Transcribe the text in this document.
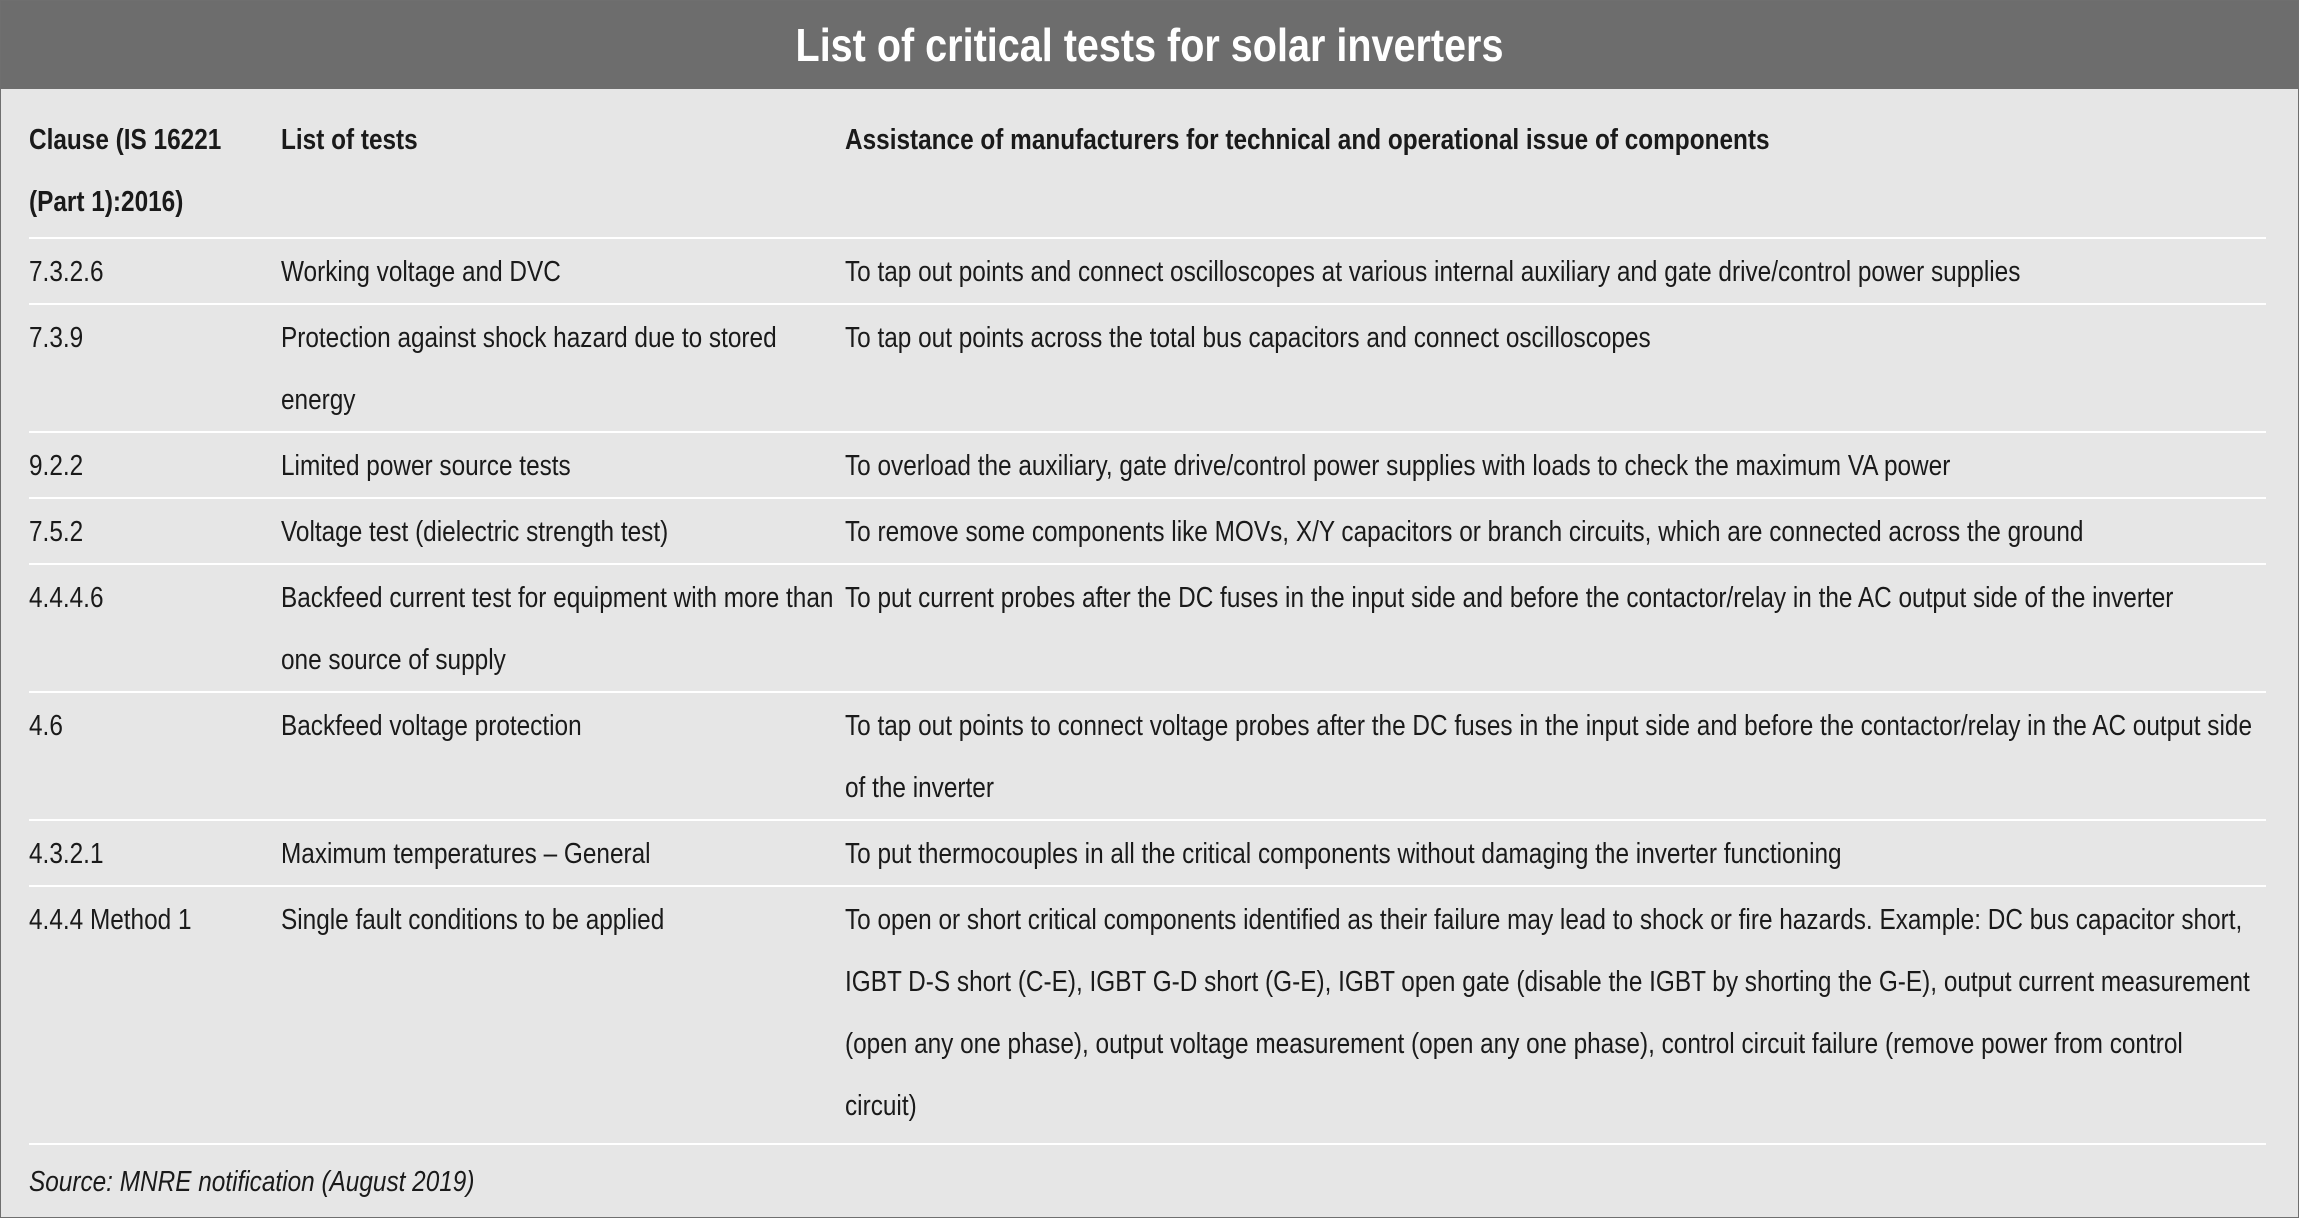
List of critical tests for solar inverters
Clause (IS 16221 (Part 1):2016)	List of tests	Assistance of manufacturers for technical and operational issue of components

7.3.2.6	Working voltage and DVC	To tap out points and connect oscilloscopes at various internal auxiliary and gate drive/control power supplies

7.3.9	Protection against shock hazard due to stored energy	To tap out points across the total bus capacitors and connect oscilloscopes

9.2.2	Limited power source tests	To overload the auxiliary, gate drive/control power supplies with loads to check the maximum VA power

7.5.2	Voltage test (dielectric strength test)	To remove some components like MOVs, X/Y capacitors or branch circuits, which are connected across the ground

4.4.4.6	Backfeed current test for equipment with more than one source of supply	To put current probes after the DC fuses in the input side and before the contactor/relay in the AC output side of the inverter

4.6	Backfeed voltage protection	To tap out points to connect voltage probes after the DC fuses in the input side and before the contactor/relay in the AC output side of the inverter

4.3.2.1	Maximum temperatures – General	To put thermocouples in all the critical components without damaging the inverter functioning

4.4.4 Method 1	Single fault conditions to be applied	To open or short critical components identified as their failure may lead to shock or fire hazards. Example: DC bus capacitor short, IGBT D-S short (C-E), IGBT G-D short (G-E), IGBT open gate (disable the IGBT by shorting the G-E), output current measurement (open any one phase), output voltage measurement (open any one phase), control circuit failure (remove power from control circuit)
Source: MNRE notification (August 2019)
